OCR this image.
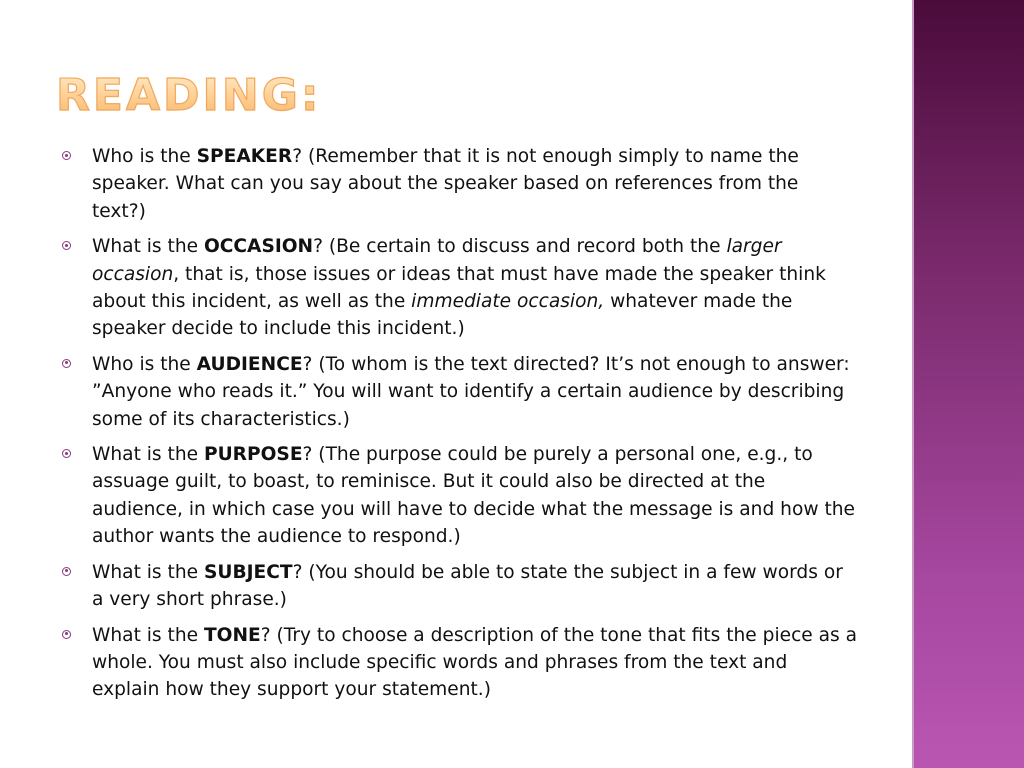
READING:
Who is the SPEAKER? (Remember that it is not enough simply to name the speaker. What can you say about the speaker based on references from the text?)
What is the OCCASION? (Be certain to discuss and record both the larger occasion, that is, those issues or ideas that must have made the speaker think about this incident, as well as the immediate occasion, whatever made the speaker decide to include this incident.)
Who is the AUDIENCE? (To whom is the text directed? It’s not enough to answer: ”Anyone who reads it.” You will want to identify a certain audience by describing some of its characteristics.)
What is the PURPOSE? (The purpose could be purely a personal one, e.g., to assuage guilt, to boast, to reminisce. But it could also be directed at the audience, in which case you will have to decide what the message is and how the author wants the audience to respond.)
What is the SUBJECT? (You should be able to state the subject in a few words or a very short phrase.)
What is the TONE? (Try to choose a description of the tone that fits the piece as a whole. You must also include specific words and phrases from the text and explain how they support your statement.)
